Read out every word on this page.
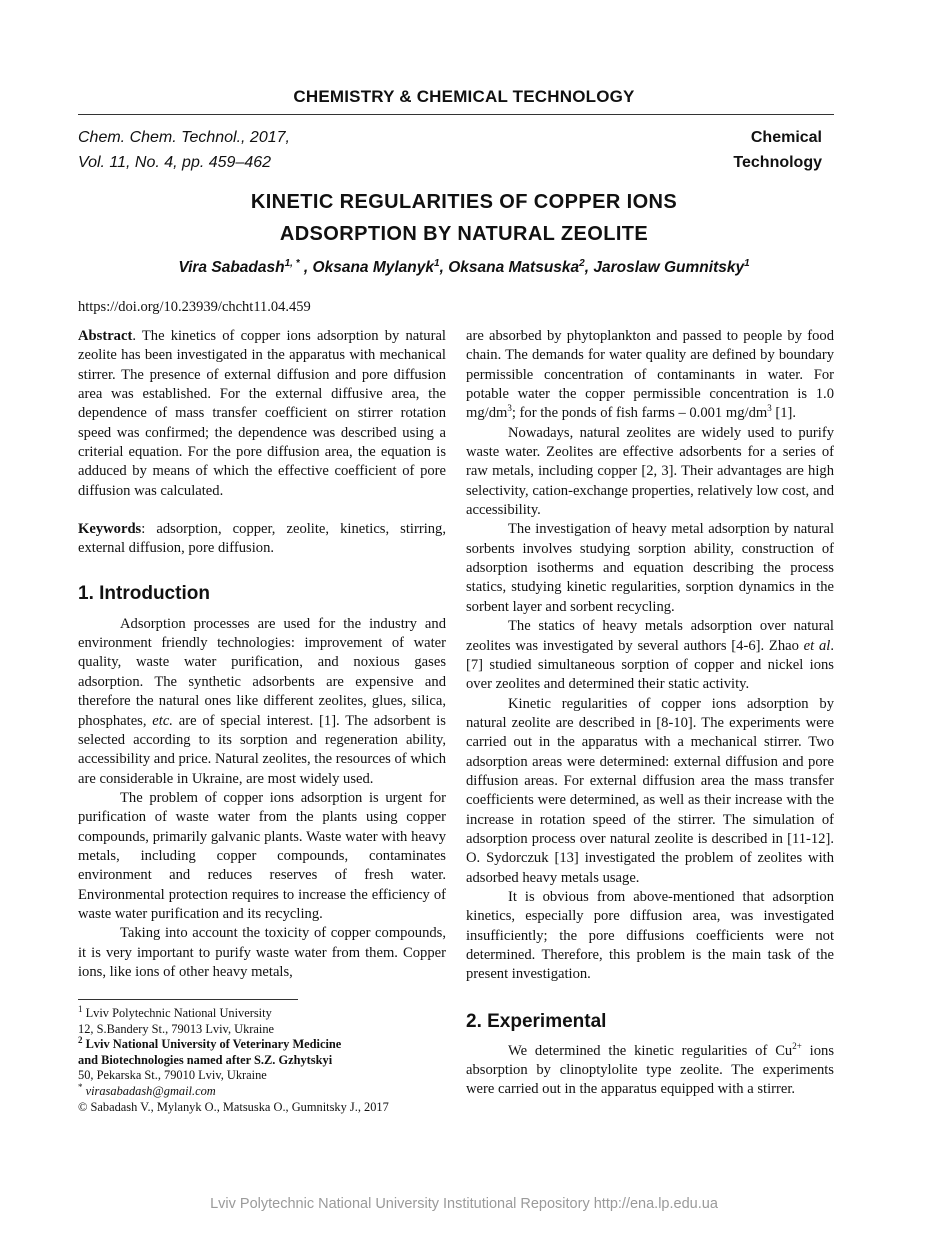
CHEMISTRY & CHEMICAL TECHNOLOGY
Chem. Chem. Technol., 2017,
Vol. 11, No. 4, pp. 459–462
Chemical
Technology
KINETIC REGULARITIES OF COPPER IONS
ADSORPTION BY NATURAL ZEOLITE
Vira Sabadash$^{1, *}$ , Oksana Mylanyk$^1$, Oksana Matsuska$^2$, Jaroslaw Gumnitsky$^1$
https://doi.org/10.23939/chcht11.04.459

Abstract. The kinetics of copper ions adsorption by natural zeolite has been investigated in the apparatus with mechanical stirrer. The presence of external diffusion and pore diffusion area was established. For the external diffusive area, the dependence of mass transfer coefficient on stirrer rotation speed was confirmed; the dependence was described using a criterial equation. For the pore diffusion area, the equation is adduced by means of which the effective coefficient of pore diffusion was calculated.

Keywords: adsorption, copper, zeolite, kinetics, stirring, external diffusion, pore diffusion.

1. Introduction

Adsorption processes are used for the industry and environment friendly technologies: improvement of water quality, waste water purification, and noxious gases adsorption. The synthetic adsorbents are expensive and therefore the natural ones like different zeolites, glues, silica, phosphates, etc. are of special interest. [1]. The adsorbent is selected according to its sorption and regeneration ability, accessibility and price. Natural zeolites, the resources of which are considerable in Ukraine, are most widely used.

The problem of copper ions adsorption is urgent for purification of waste water from the plants using copper compounds, primarily galvanic plants. Waste water with heavy metals, including copper compounds, contaminates environment and reduces reserves of fresh water. Environmental protection requires to increase the efficiency of waste water purification and its recycling.

Taking into account the toxicity of copper compounds, it is very important to purify waste water from them. Copper ions, like ions of other heavy metals,

are absorbed by phytoplankton and passed to people by food chain. The demands for water quality are defined by boundary permissible concentration of contaminants in water. For potable water the copper permissible concentration is 1.0 $mg/dm^3$; for the ponds of fish farms – 0.001 $mg/dm^3$ [1].

Nowadays, natural zeolites are widely used to purify waste water. Zeolites are effective adsorbents for a series of raw metals, including copper [2, 3]. Their advantages are high selectivity, cation-exchange properties, relatively low cost, and accessibility.

The investigation of heavy metal adsorption by natural sorbents involves studying sorption ability, construction of adsorption isotherms and equation describing the process statics, studying kinetic regularities, sorption dynamics in the sorbent layer and sorbent recycling.

The statics of heavy metals adsorption over natural zeolites was investigated by several authors [4-6]. Zhao et al. [7] studied simultaneous sorption of copper and nickel ions over zeolites and determined their static activity.

Kinetic regularities of copper ions adsorption by natural zeolite are described in [8-10]. The experiments were carried out in the apparatus with a mechanical stirrer. Two adsorption areas were determined: external diffusion and pore diffusion areas. For external diffusion area the mass transfer coefficients were determined, as well as their increase with the increase in rotation speed of the stirrer. The simulation of adsorption process over natural zeolite is described in [11-12]. O. Sydorczuk [13] investigated the problem of zeolites with adsorbed heavy metals usage.

It is obvious from above-mentioned that adsorption kinetics, especially pore diffusion area, was investigated insufficiently; the pore diffusions coefficients were not determined. Therefore, this problem is the main task of the present investigation.

2. Experimental

We determined the kinetic regularities of $Cu^{2+}$ ions absorption by clinoptylolite type zeolite. The experiments were carried out in the apparatus equipped with a stirrer.

$^1$ Lviv Polytechnic National University
12, S.Bandery St., 79013 Lviv, Ukraine
$^2$ Lviv National University of Veterinary Medicine
and Biotechnologies named after S.Z. Gzhytskyi
50, Pekarska St., 79010 Lviv, Ukraine
* virasabadash@gmail.com
© Sabadash V., Mylanyk O., Matsuska O., Gumnitsky J., 2017
Lviv Polytechnic National University Institutional Repository http://ena.lp.edu.ua
